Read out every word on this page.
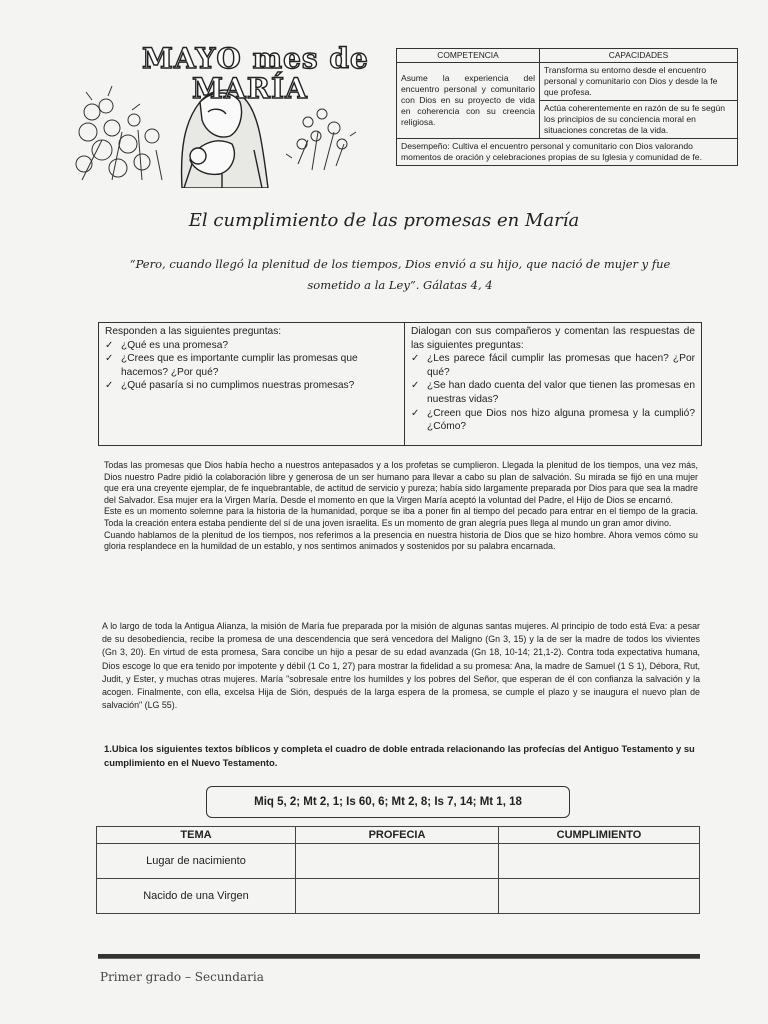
MAYO mes de
MARÍA
COMPETENCIA	CAPACIDADES
Asume la experiencia del encuentro personal y comunitario con Dios en su proyecto de vida en coherencia con su creencia religiosa.	Transforma su entorno desde el encuentro personal y comunitario con Dios y desde la fe que profesa.
	Actúa coherentemente en razón de su fe según los principios de su conciencia moral en situaciones concretas de la vida.
Desempeño: Cultiva el encuentro personal y comunitario con Dios valorando momentos de oración y celebraciones propias de su Iglesia y comunidad de fe.	
El cumplimiento de las promesas en María
“Pero, cuando llegó la plenitud de los tiempos, Dios envió a su hijo, que nació de mujer y fue sometido a la Ley”. Gálatas 4, 4
Responden a las siguientes preguntas:
✓ ¿Qué es una promesa?
✓ ¿Crees que es importante cumplir las promesas que hacemos? ¿Por qué?
✓ ¿Qué pasaría si no cumplimos nuestras promesas?
Dialogan con sus compañeros y comentan las respuestas de las siguientes preguntas:
✓ ¿Les parece fácil cumplir las promesas que hacen? ¿Por qué?
✓ ¿Se han dado cuenta del valor que tienen las promesas en nuestras vidas?
✓ ¿Creen que Dios nos hizo alguna promesa y la cumplió? ¿Cómo?

Todas las promesas que Dios había hecho a nuestros antepasados y a los profetas se cumplieron. Llegada la plenitud de los tiempos, una vez más, Dios nuestro Padre pidió la colaboración libre y generosa de un ser humano para llevar a cabo su plan de salvación. Su mirada se fijó en una mujer que era una creyente ejemplar, de fe inquebrantable, de actitud de servicio y pureza; había sido largamente preparada por Dios para que sea la madre del Salvador. Esa mujer era la Virgen María. Desde el momento en que la Virgen María aceptó la voluntad del Padre, el Hijo de Dios se encarnó.

Este es un momento solemne para la historia de la humanidad, porque se iba a poner fin al tiempo del pecado para entrar en el tiempo de la gracia. Toda la creación entera estaba pendiente del sí de una joven israelita. Es un momento de gran alegría pues llega al mundo un gran amor divino.

Cuando hablamos de la plenitud de los tiempos, nos referimos a la presencia en nuestra historia de Dios que se hizo hombre. Ahora vemos cómo su gloria resplandece en la humildad de un establo, y nos sentimos animados y sostenidos por su palabra encarnada.

A lo largo de toda la Antigua Alianza, la misión de María fue preparada por la misión de algunas santas mujeres. Al principio de todo está Eva: a pesar de su desobediencia, recibe la promesa de una descendencia que será vencedora del Maligno (Gn 3, 15) y la de ser la madre de todos los vivientes (Gn 3, 20). En virtud de esta promesa, Sara concibe un hijo a pesar de su edad avanzada (Gn 18, 10-14; 21,1-2). Contra toda expectativa humana, Dios escoge lo que era tenido por impotente y débil (1 Co 1, 27) para mostrar la fidelidad a su promesa: Ana, la madre de Samuel (1 S 1), Débora, Rut, Judit, y Ester, y muchas otras mujeres. María "sobresale entre los humildes y los pobres del Señor, que esperan de él con confianza la salvación y la acogen. Finalmente, con ella, excelsa Hija de Sión, después de la larga espera de la promesa, se cumple el plazo y se inaugura el nuevo plan de salvación" (LG 55).

1.Ubica los siguientes textos bíblicos y completa el cuadro de doble entrada relacionando las profecías del Antiguo Testamento y su cumplimiento en el Nuevo Testamento.
Miq 5, 2; Mt 2, 1; Is 60, 6; Mt 2, 8; Is 7, 14; Mt 1, 18
TEMA	PROFECIA	CUMPLIMIENTO
Lugar de nacimiento		
Nacido de una Virgen		
Primer grado – Secundaria
